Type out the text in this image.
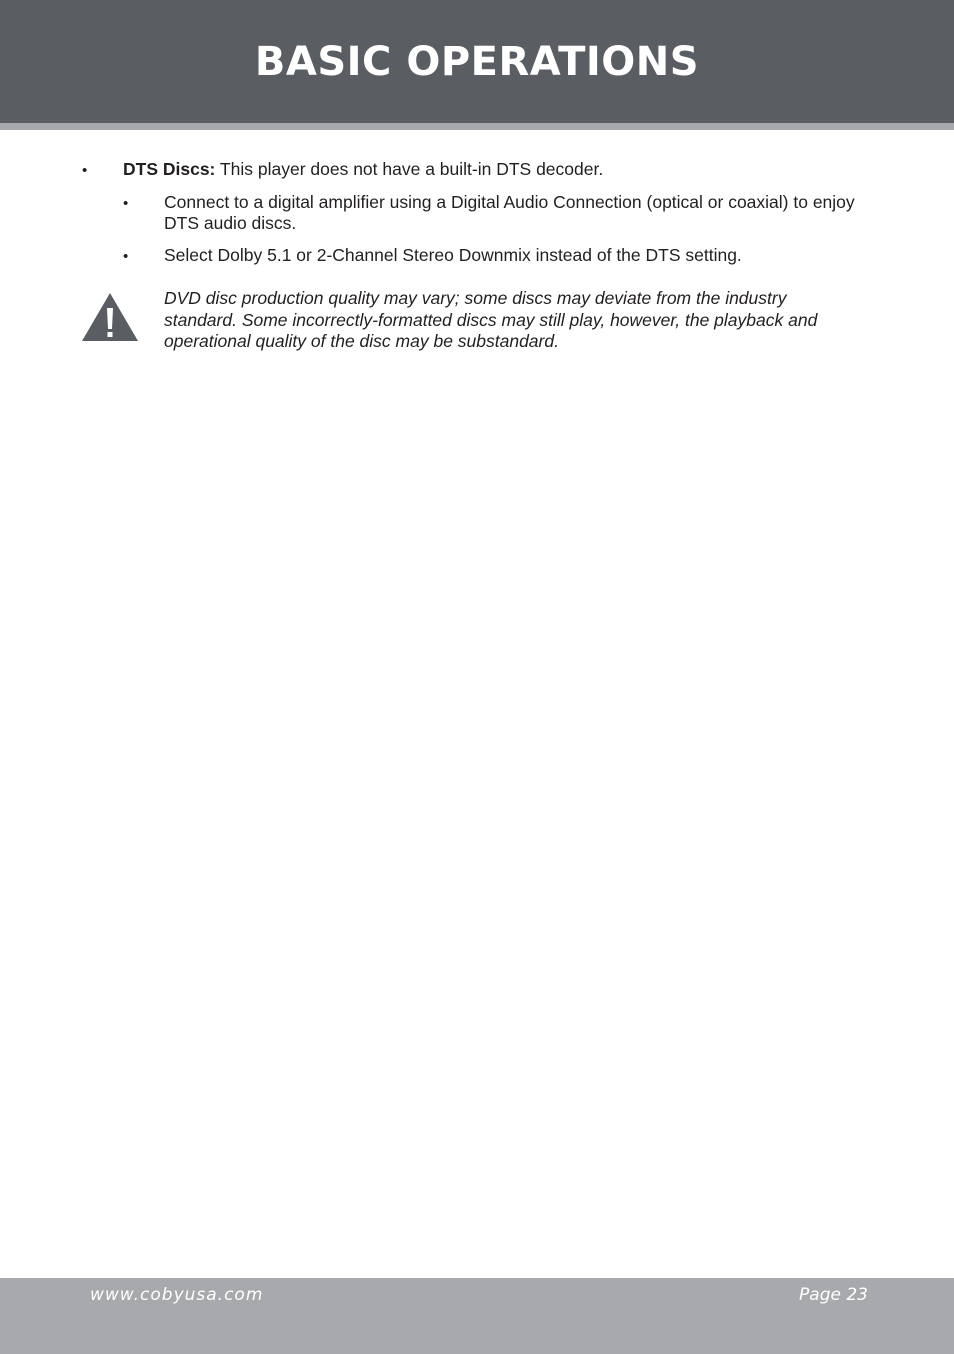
BASIC OPERATIONS
• DTS Discs: This player does not have a built-in DTS decoder.
• Connect to a digital amplifier using a Digital Audio Connection (optical or coaxial) to enjoy DTS audio discs.
• Select Dolby 5.1 or 2-Channel Stereo Downmix instead of the DTS setting.
DVD disc production quality may vary; some discs may deviate from the industry standard. Some incorrectly-formatted discs may still play, however, the playback and operational quality of the disc may be substandard.
www.cobyusa.com	Page 23
